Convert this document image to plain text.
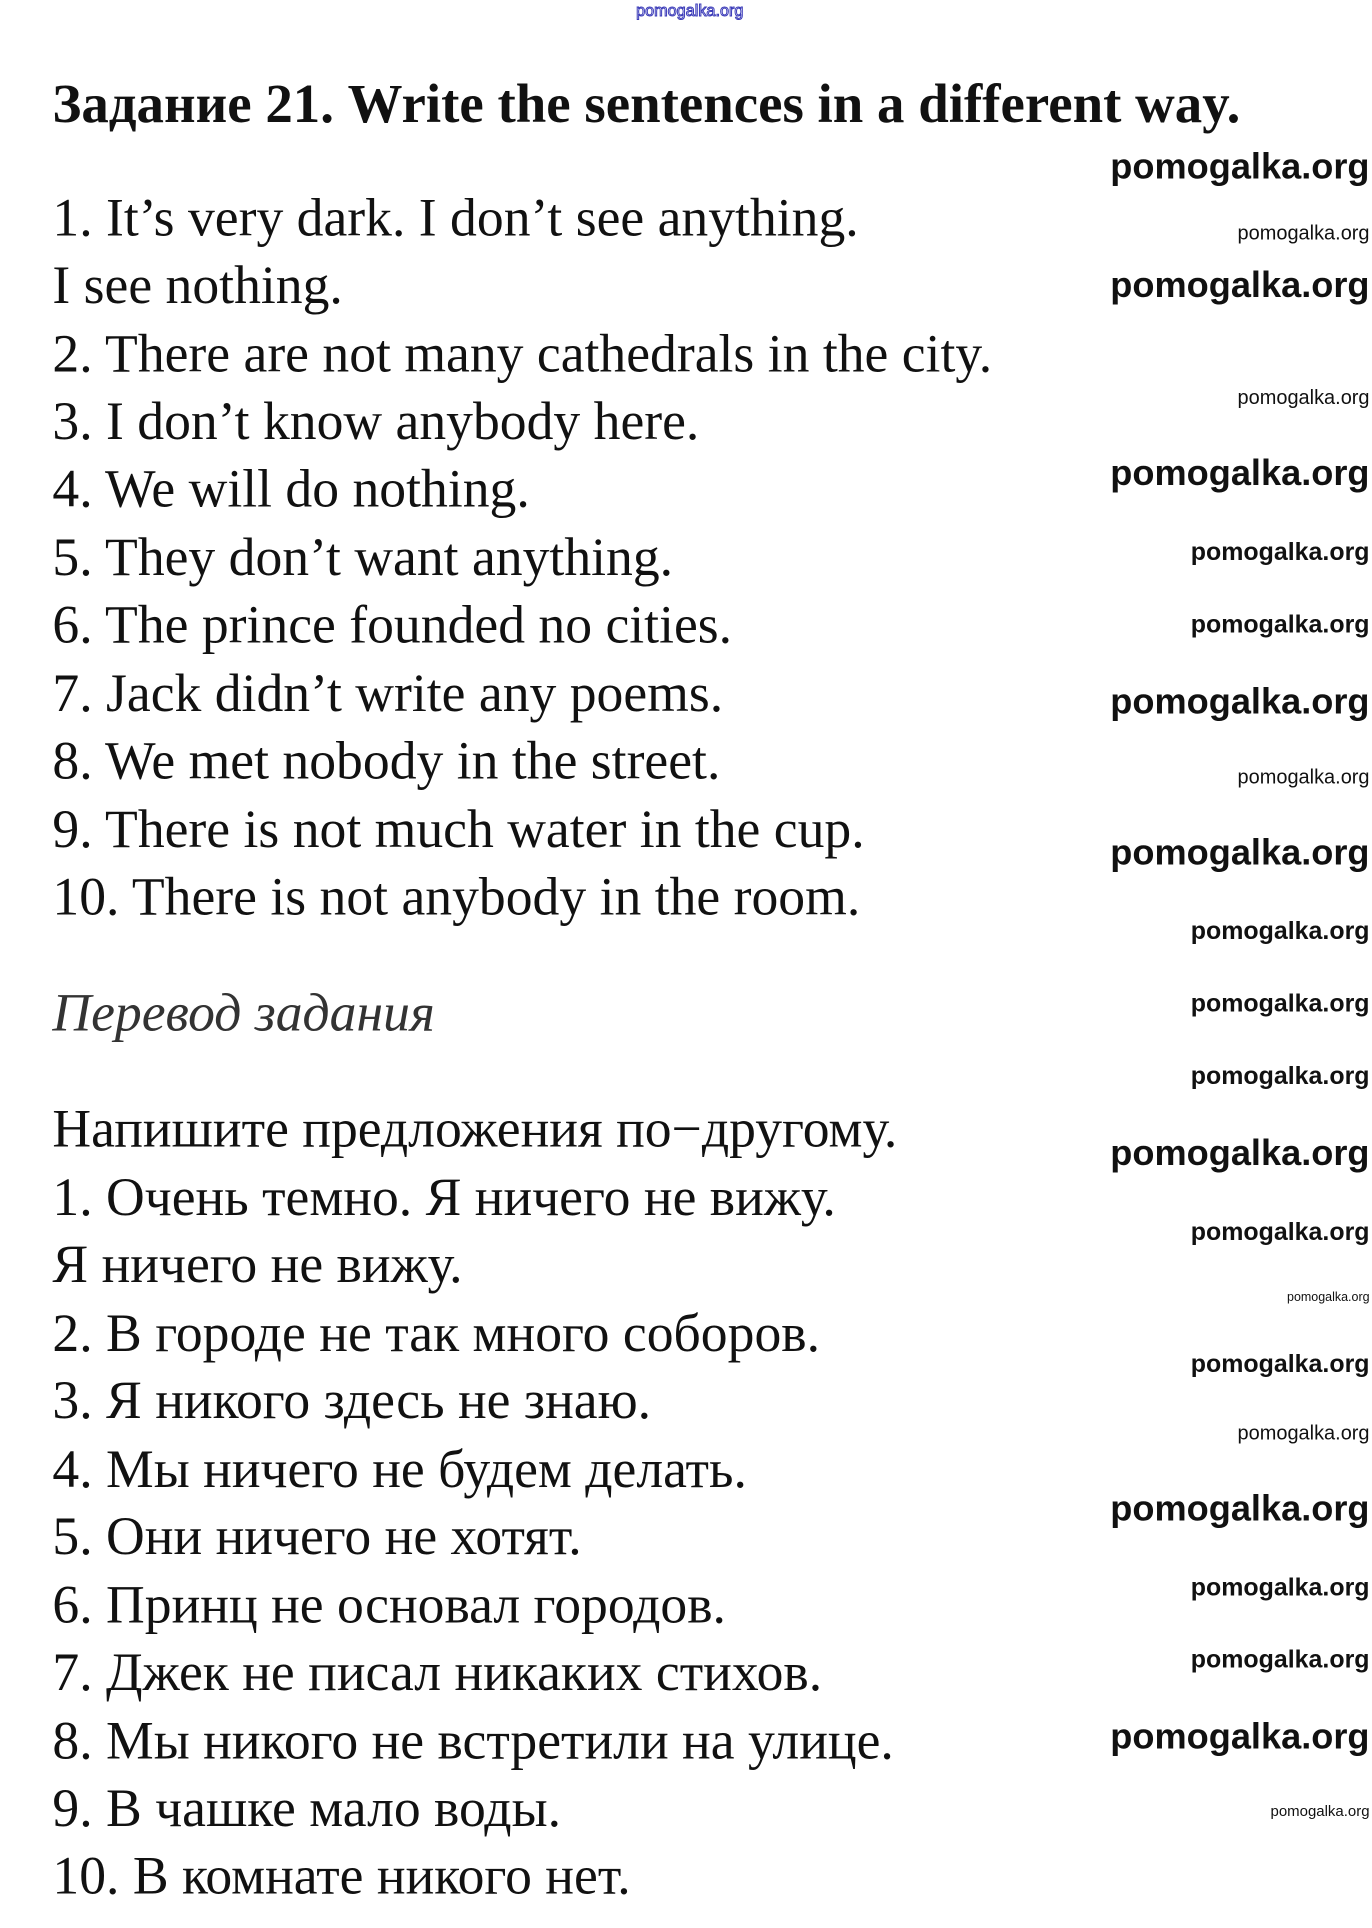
Задание 21. Write the sentences in a different way.
1. It’s very dark. I don’t see anything.
I see nothing.
2. There are not many cathedrals in the city.
3. I don’t know anybody here.
4. We will do nothing.
5. They don’t want anything.
6. The prince founded no cities.
7. Jack didn’t write any poems.
8. We met nobody in the street.
9. There is not much water in the cup.
10. There is not anybody in the room.
Перевод задания
Напишите предложения по−другому.
1. Очень темно. Я ничего не вижу.
Я ничего не вижу.
2. В городе не так много соборов.
3. Я никого здесь не знаю.
4. Мы ничего не будем делать.
5. Они ничего не хотят.
6. Принц не основал городов.
7. Джек не писал никаких стихов.
8. Мы никого не встретили на улице.
9. В чашке мало воды.
10. В комнате никого нет.
pomogalka.org
pomogalka.org
pomogalka.org
pomogalka.org
pomogalka.org
pomogalka.org
pomogalka.org
pomogalka.org
pomogalka.org
pomogalka.org
pomogalka.org
pomogalka.org
pomogalka.org
pomogalka.org
pomogalka.org
pomogalka.org
pomogalka.org
pomogalka.org
pomogalka.org
pomogalka.org
pomogalka.org
pomogalka.org
pomogalka.org
pomogalka.org
